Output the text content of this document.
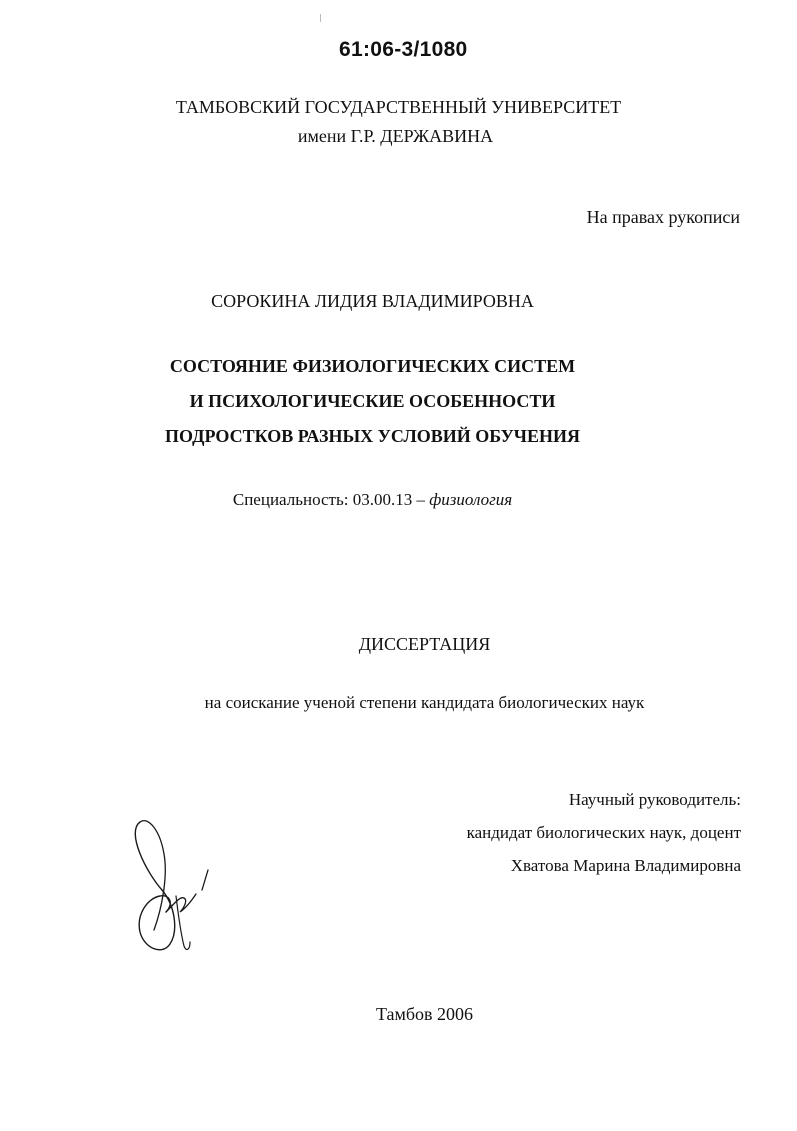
61:06-3/1080
ТАМБОВСКИЙ ГОСУДАРСТВЕННЫЙ УНИВЕРСИТЕТ
имени Г.Р. ДЕРЖАВИНА
На правах рукописи
СОРОКИНА ЛИДИЯ ВЛАДИМИРОВНА
СОСТОЯНИЕ ФИЗИОЛОГИЧЕСКИХ СИСТЕМ
И ПСИХОЛОГИЧЕСКИЕ ОСОБЕННОСТИ
ПОДРОСТКОВ РАЗНЫХ УСЛОВИЙ ОБУЧЕНИЯ
Специальность: 03.00.13 – физиология
ДИССЕРТАЦИЯ
на соискание ученой степени кандидата биологических наук
Научный руководитель:
кандидат биологических наук, доцент
Хватова Марина Владимировна
Тамбов 2006
